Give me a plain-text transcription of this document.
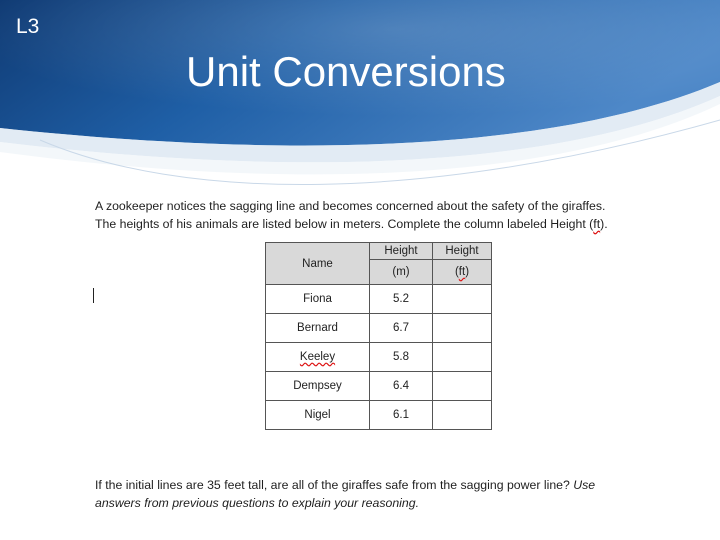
L3
Unit Conversions

A zookeeper notices the sagging line and becomes concerned about the safety of the giraffes.

The heights of his animals are listed below in meters. Complete the column labeled Height (ft).

Name	Height	Height
	(m)	(ft)
Fiona	5.2	
Bernard	6.7	
Keeley	5.8	
Dempsey	6.4	
Nigel	6.1	

If the initial lines are 35 feet tall, are all of the giraffes safe from the sagging power line? Use

answers from previous questions to explain your reasoning.
